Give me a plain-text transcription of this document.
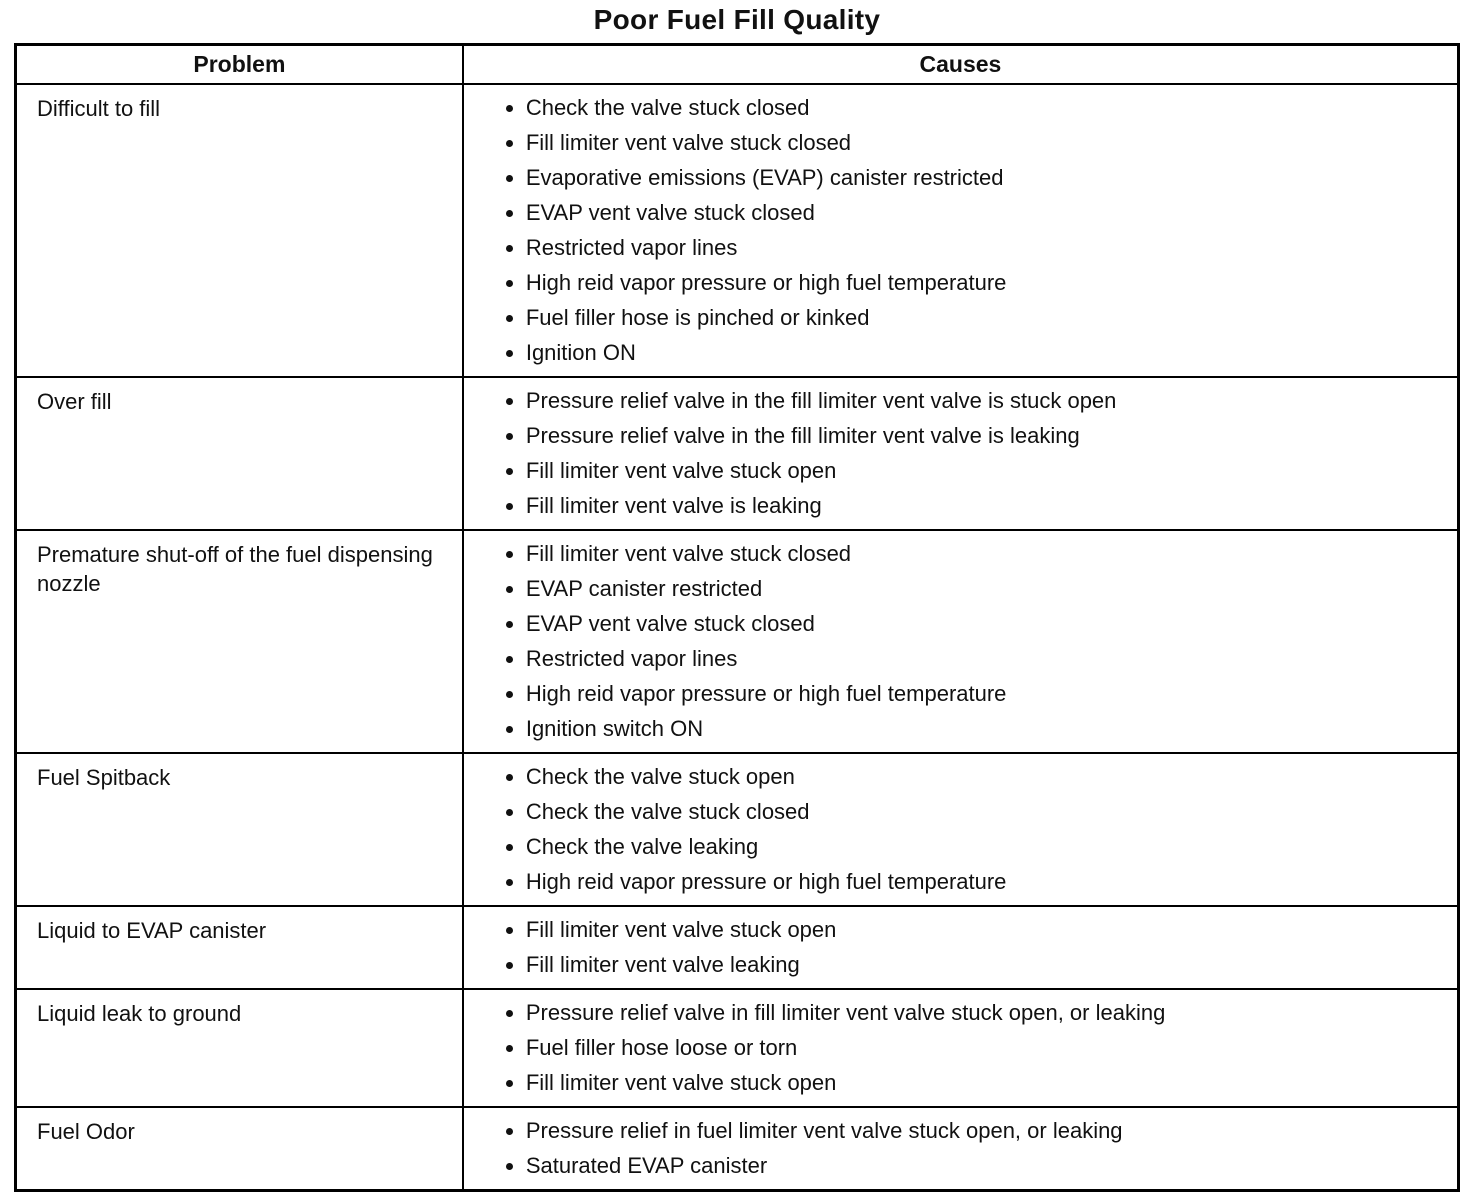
Poor Fuel Fill Quality
Problem	Causes
Difficult to fill	
•Check the valve stuck closed
• Fill limiter vent valve stuck closed
• Evaporative emissions (EVAP) canister restricted
• EVAP vent valve stuck closed
• Restricted vapor lines
• High reid vapor pressure or high fuel temperature
• Fuel filler hose is pinched or kinked
• Ignition ON

Over fill	
•Pressure relief valve in the fill limiter vent valve is stuck open
• Pressure relief valve in the fill limiter vent valve is leaking
• Fill limiter vent valve stuck open
• Fill limiter vent valve is leaking

Premature shut-off of the fuel dispensing nozzle	
• Fill limiter vent valve stuck closed
• EVAP canister restricted
• EVAP vent valve stuck closed
• Restricted vapor lines
• High reid vapor pressure or high fuel temperature
• Ignition switch ON

Fuel Spitback	
•Check the valve stuck open
• Check the valve stuck closed
• Check the valve leaking
• High reid vapor pressure or high fuel temperature

Liquid to EVAP canister	
•Fill limiter vent valve stuck open
• Fill limiter vent valve leaking

Liquid leak to ground	
•Pressure relief valve in fill limiter vent valve stuck open, or leaking
• Fuel filler hose loose or torn
• Fill limiter vent valve stuck open

Fuel Odor	
•Pressure relief in fuel limiter vent valve stuck open, or leaking
• Saturated EVAP canister
